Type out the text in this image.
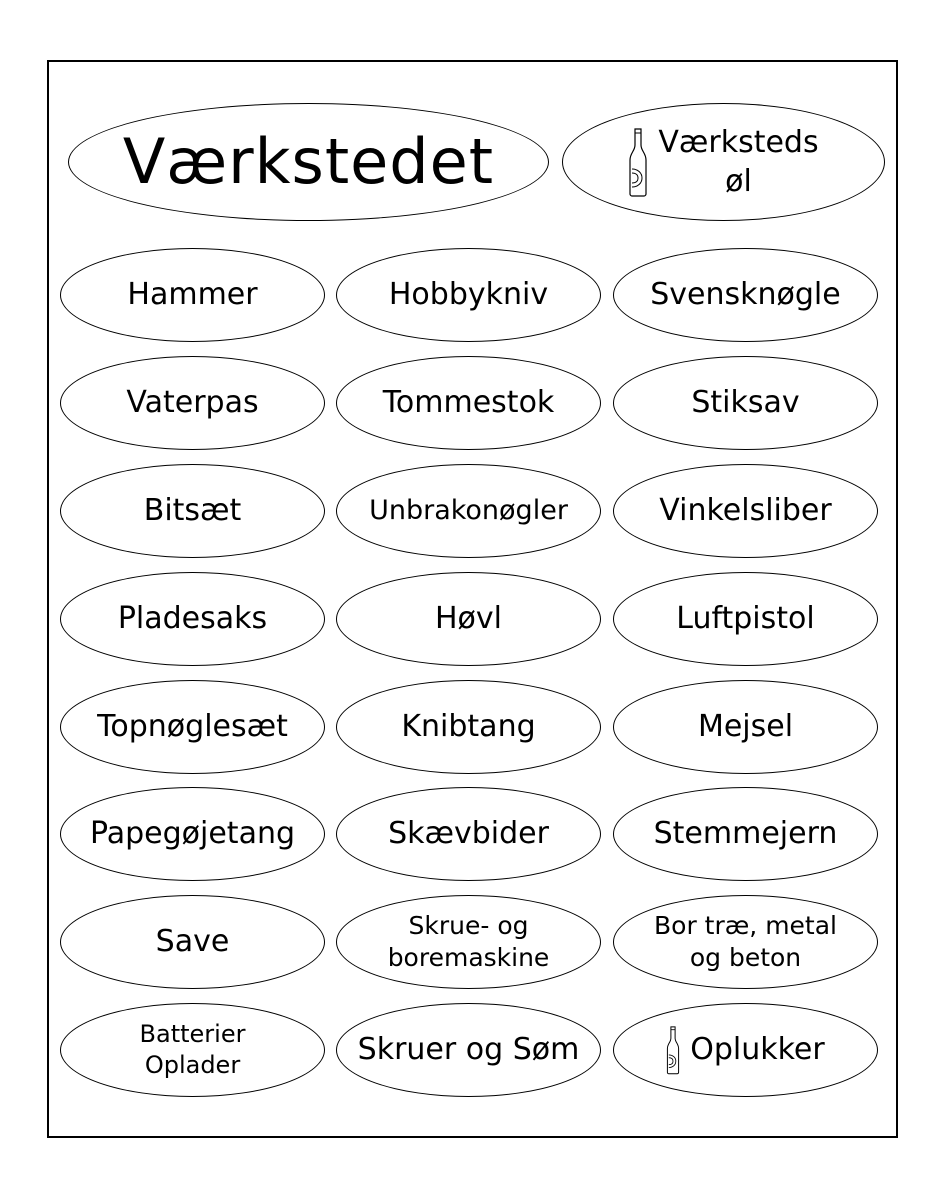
Værkstedet	Værksteds
øl
Hammer	Hobbykniv	Svensknøgle
Vaterpas	Tommestok	Stiksav
Bitsæt	Unbrakonøgler	Vinkelsliber
Pladesaks	Høvl	Luftpistol
Topnøglesæt	Knibtang	Mejsel
Papegøjetang	Skævbider	Stemmejern
Save	Skrue- og
boremaskine
Bor træ, metal
og beton
Batterier
Oplader	Skruer og Søm	Oplukker
